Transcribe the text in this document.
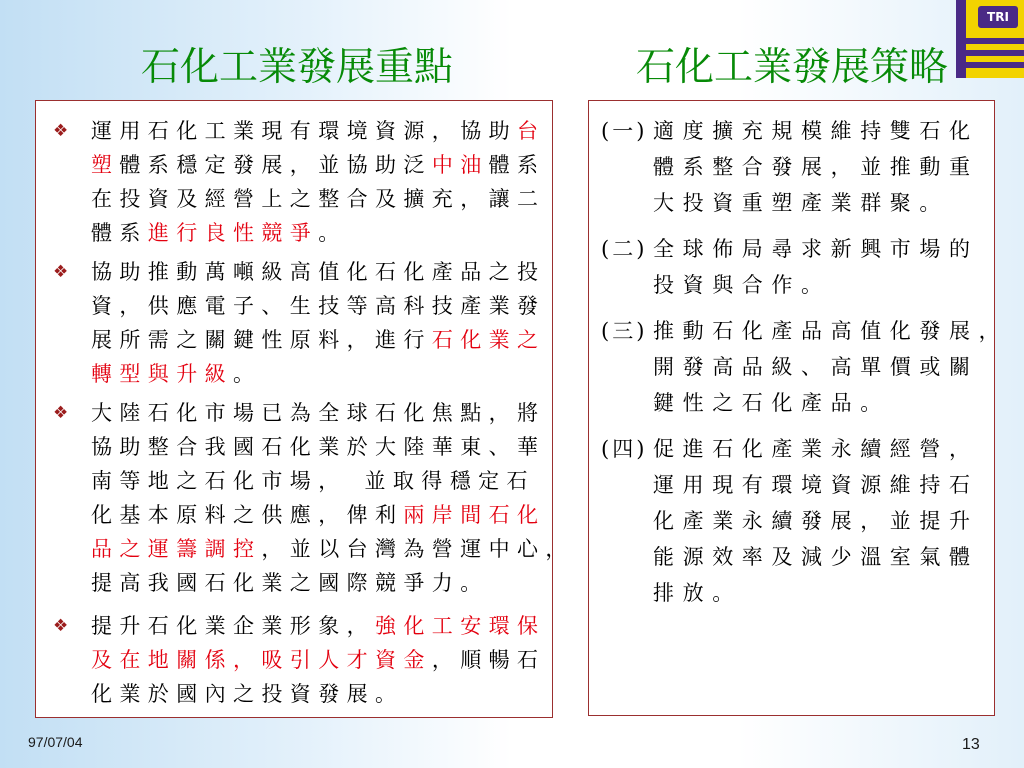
石化工業發展重點	石化工業發展策略
TRI
❖
運用石化工業現有環境資源，協助台
塑體系穩定發展，並協助泛中油體系
在投資及經營上之整合及擴充，讓二
體系進行良性競爭。
❖
協助推動萬噸級高值化石化產品之投
資，供應電子、生技等高科技產業發
展所需之關鍵性原料，進行石化業之
轉型與升級。
❖
大陸石化市場已為全球石化焦點，將
協助整合我國石化業於大陸華東、華
南等地之石化市場，　並取得穩定石
化基本原料之供應，俾利兩岸間石化
品之運籌調控，並以台灣為營運中心，
提高我國石化業之國際競爭力。
❖
提升石化業企業形象，強化工安環保
及在地關係，吸引人才資金，順暢石
化業於國內之投資發展。
(一) 適度擴充規模維持雙石化
體系整合發展，並推動重
大投資重塑產業群聚。
(二) 全球佈局尋求新興市場的
投資與合作。
(三) 推動石化產品高值化發展，
開發高品級、高單價或關
鍵性之石化產品。
(四) 促進石化產業永續經營，
運用現有環境資源維持石
化產業永續發展，並提升
能源效率及減少溫室氣體
排放。
97/07/04	13
